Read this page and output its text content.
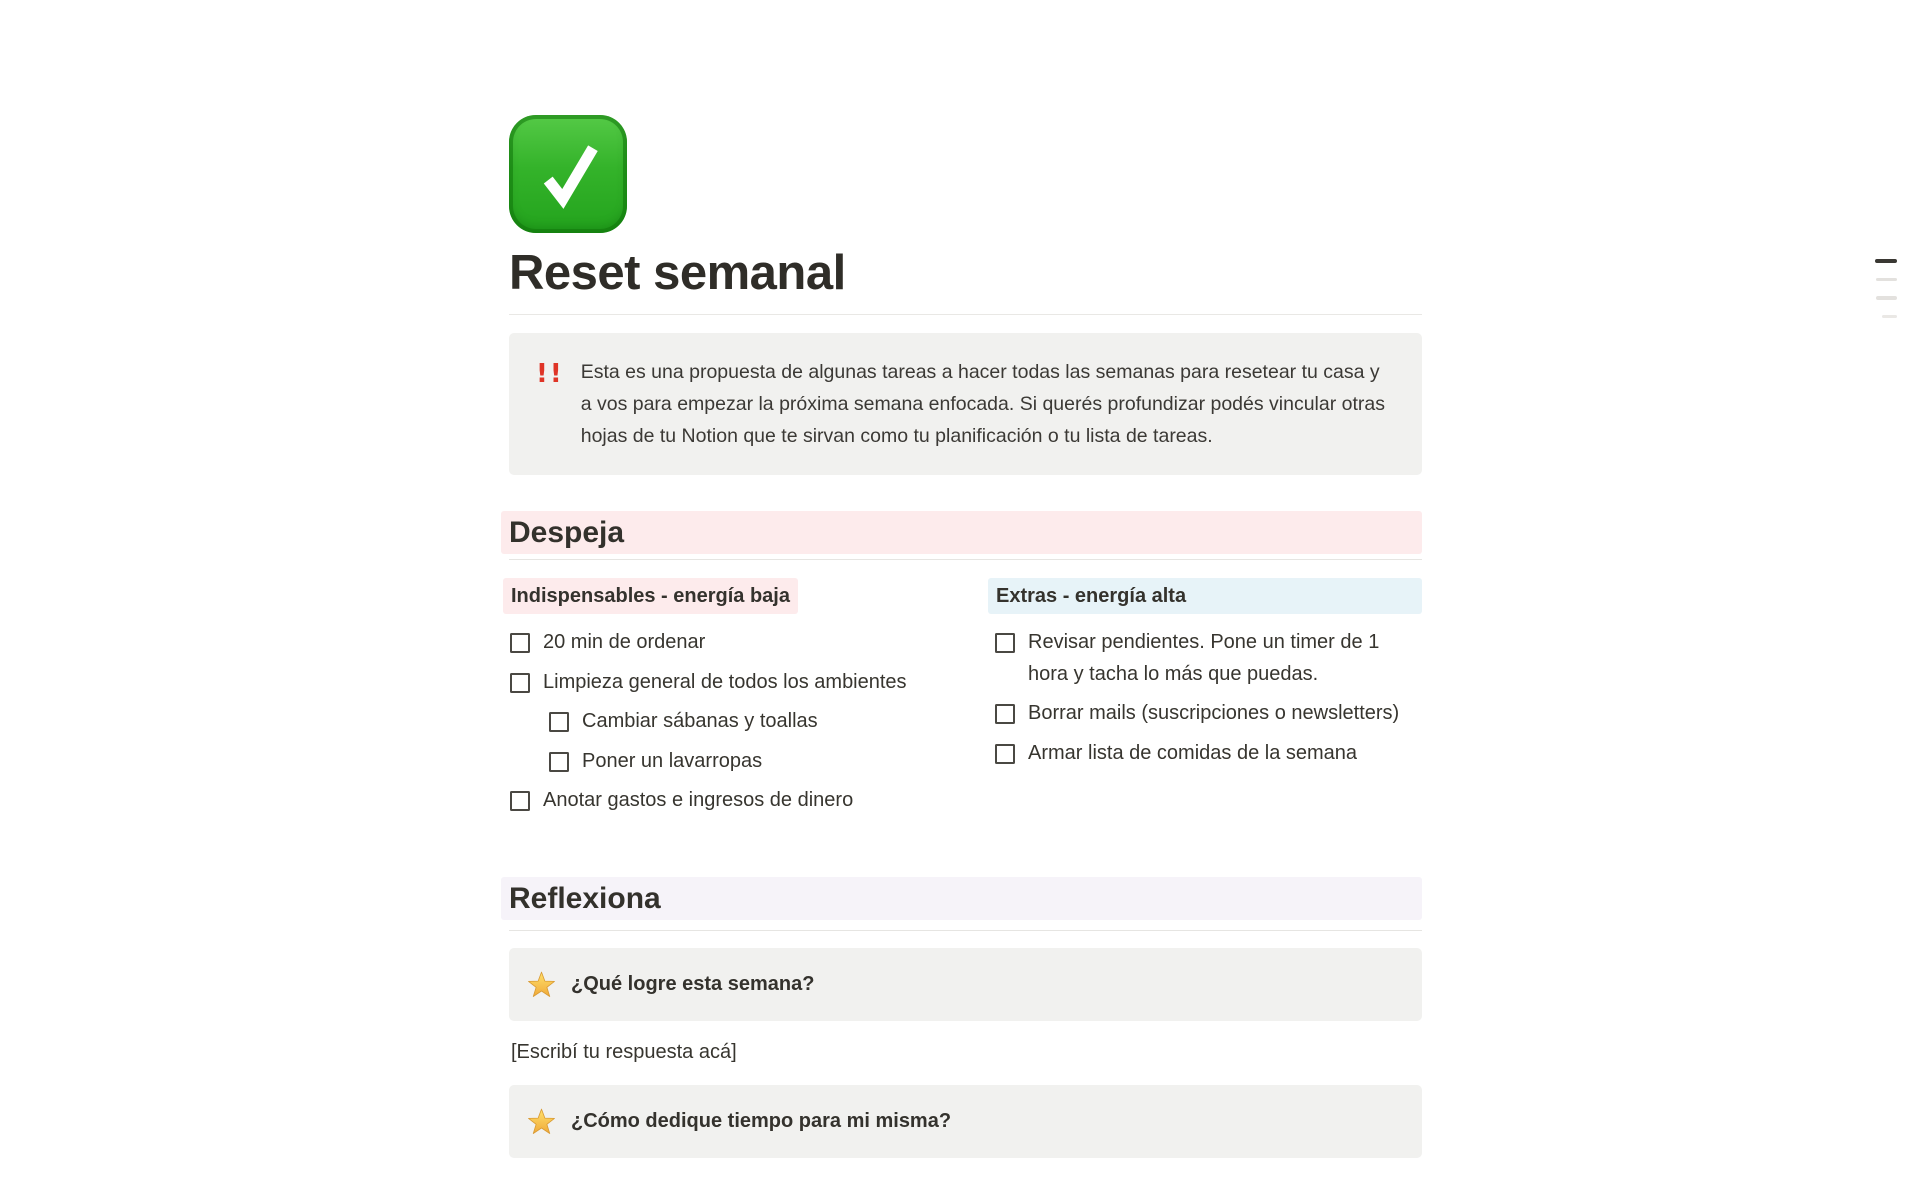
Reset semanal
!! Esta es una propuesta de algunas tareas a hacer todas las semanas para resetear tu casa y a vos para empezar la próxima semana enfocada. Si querés profundizar podés vincular otras hojas de tu Notion que te sirvan como tu planificación o tu lista de tareas.

Despeja
Indispensables - energía baja
20 min de ordenar
Limpieza general de todos los ambientes
Cambiar sábanas y toallas
Poner un lavarropas
Anotar gastos e ingresos de dinero
Extras - energía alta
Revisar pendientes. Pone un timer de 1 hora y tacha lo más que puedas.
Borrar mails (suscripciones o newsletters)
Armar lista de comidas de la semana
Reflexiona
¿Qué logre esta semana?

[Escribí tu respuesta acá]

¿Cómo dedique tiempo para mi misma?
